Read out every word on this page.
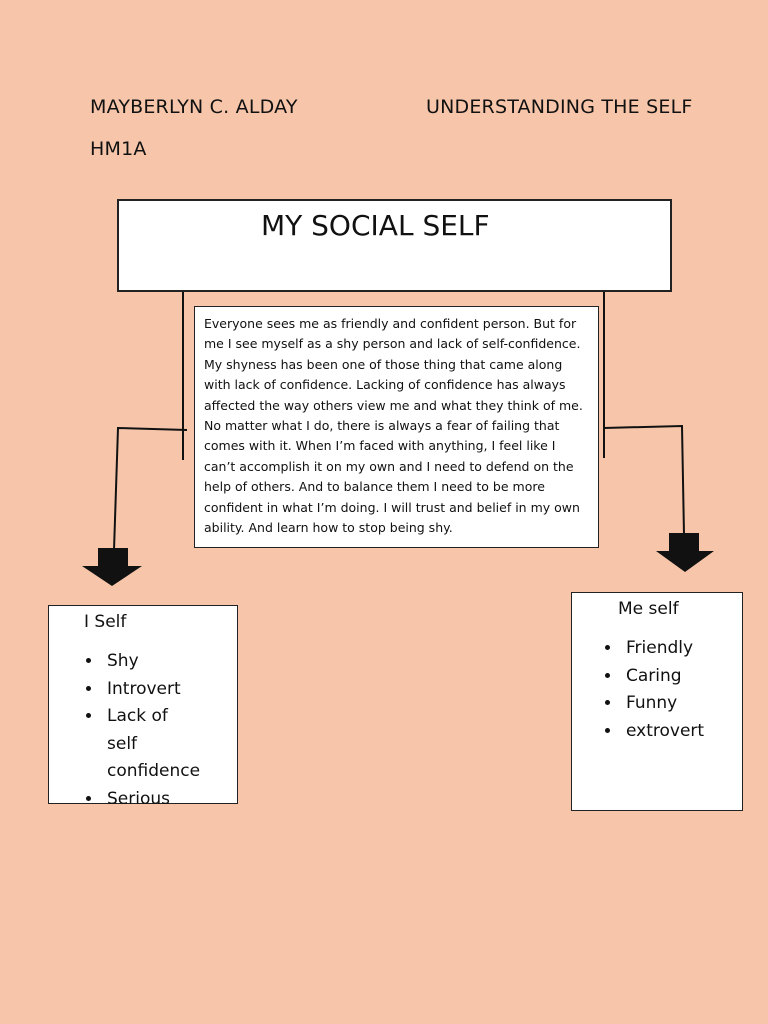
MAYBERLYN C. ALDAY	UNDERSTANDING THE SELF
HM1A
MY SOCIAL SELF
Everyone sees me as friendly and confident person. But for me I see myself as a shy person and lack of self-confidence. My shyness has been one of those thing that came along with lack of confidence. Lacking of confidence has always affected the way others view me and what they think of me. No matter what I do, there is always a fear of failing that comes with it. When I’m faced with anything, I feel like I can’t accomplish it on my own and I need to defend on the help of others. And to balance them I need to be more confident in what I’m doing. I will trust and belief in my own ability. And learn how to stop being shy.
I Self
• Shy
• Introvert
• Lack of self confidence
• Serious
Me self
• Friendly
• Caring
• Funny
• extrovert
